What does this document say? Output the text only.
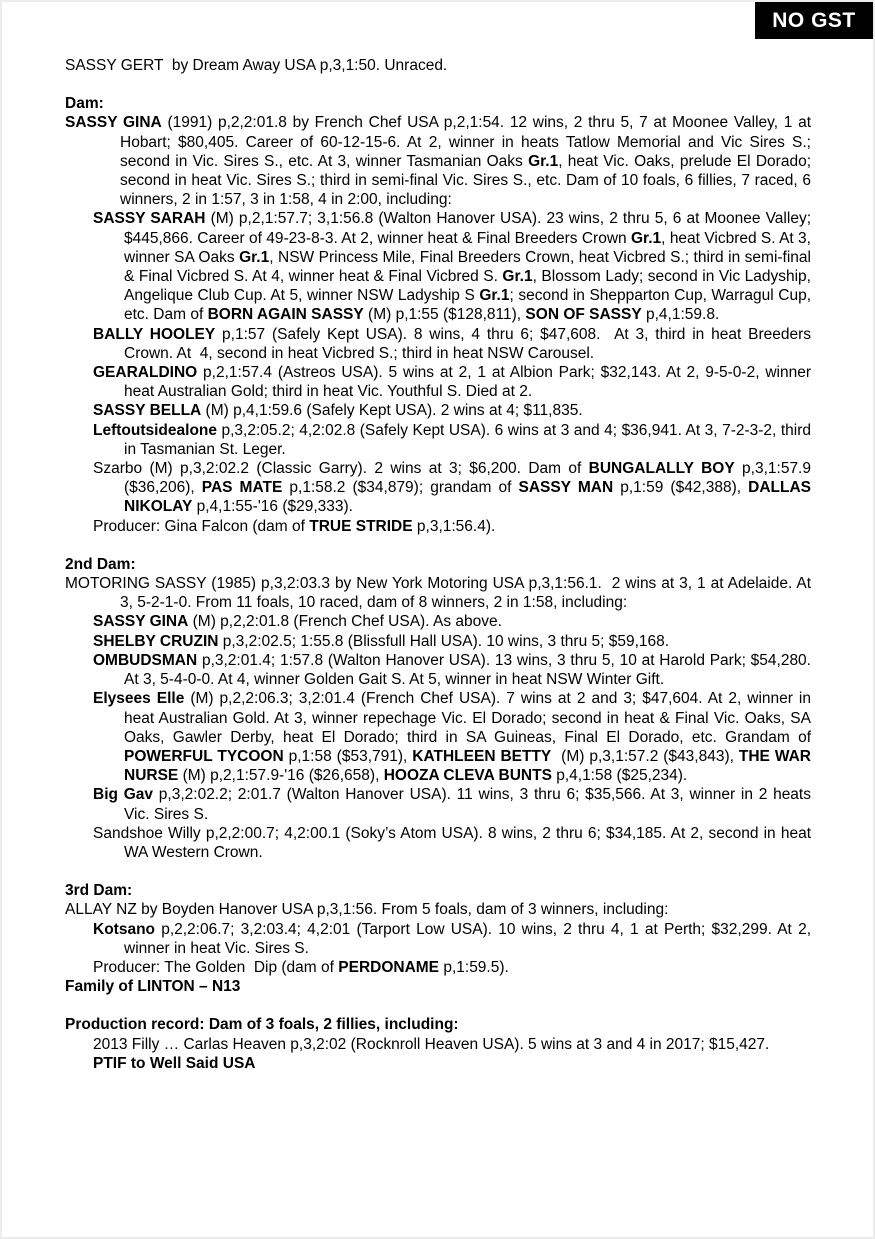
NO GST
SASSY GERT  by Dream Away USA p,3,1:50. Unraced.
Dam:
SASSY GINA (1991) p,2,2:01.8 by French Chef USA p,2,1:54. 12 wins, 2 thru 5, 7 at Moonee Valley, 1 at Hobart; $80,405. Career of 60-12-15-6. At 2, winner in heats Tatlow Memorial and Vic Sires S.; second in Vic. Sires S., etc. At 3, winner Tasmanian Oaks Gr.1, heat Vic. Oaks, prelude El Dorado; second in heat Vic. Sires S.; third in semi-final Vic. Sires S., etc. Dam of 10 foals, 6 fillies, 7 raced, 6 winners, 2 in 1:57, 3 in 1:58, 4 in 2:00, including:
SASSY SARAH (M) p,2,1:57.7; 3,1:56.8 (Walton Hanover USA). 23 wins, 2 thru 5, 6 at Moonee Valley; $445,866. Career of 49-23-8-3. At 2, winner heat & Final Breeders Crown Gr.1, heat Vicbred S. At 3, winner SA Oaks Gr.1, NSW Princess Mile, Final Breeders Crown, heat Vicbred S.; third in semi-final & Final Vicbred S. At 4, winner heat & Final Vicbred S. Gr.1, Blossom Lady; second in Vic Ladyship, Angelique Club Cup. At 5, winner NSW Ladyship S Gr.1; second in Shepparton Cup, Warragul Cup, etc. Dam of BORN AGAIN SASSY (M) p,1:55 ($128,811), SON OF SASSY p,4,1:59.8.
BALLY HOOLEY p,1:57 (Safely Kept USA). 8 wins, 4 thru 6; $47,608.  At 3, third in heat Breeders Crown. At  4, second in heat Vicbred S.; third in heat NSW Carousel.
GEARALDINO p,2,1:57.4 (Astreos USA). 5 wins at 2, 1 at Albion Park; $32,143. At 2, 9-5-0-2, winner heat Australian Gold; third in heat Vic. Youthful S. Died at 2.
SASSY BELLA (M) p,4,1:59.6 (Safely Kept USA). 2 wins at 4; $11,835.
Leftoutsidealone p,3,2:05.2; 4,2:02.8 (Safely Kept USA). 6 wins at 3 and 4; $36,941. At 3, 7-2-3-2, third in Tasmanian St. Leger.
Szarbo (M) p,3,2:02.2 (Classic Garry). 2 wins at 3; $6,200. Dam of BUNGALALLY BOY p,3,1:57.9 ($36,206), PAS MATE p,1:58.2 ($34,879); grandam of SASSY MAN p,1:59 ($42,388), DALLAS NIKOLAY p,4,1:55-'16 ($29,333).
Producer: Gina Falcon (dam of TRUE STRIDE p,3,1:56.4).
2nd Dam:
MOTORING SASSY (1985) p,3,2:03.3 by New York Motoring USA p,3,1:56.1.  2 wins at 3, 1 at Adelaide. At 3, 5-2-1-0. From 11 foals, 10 raced, dam of 8 winners, 2 in 1:58, including:
SASSY GINA (M) p,2,2:01.8 (French Chef USA). As above.
SHELBY CRUZIN p,3,2:02.5; 1:55.8 (Blissfull Hall USA). 10 wins, 3 thru 5; $59,168.
OMBUDSMAN p,3,2:01.4; 1:57.8 (Walton Hanover USA). 13 wins, 3 thru 5, 10 at Harold Park; $54,280. At 3, 5-4-0-0. At 4, winner Golden Gait S. At 5, winner in heat NSW Winter Gift.
Elysees Elle (M) p,2,2:06.3; 3,2:01.4 (French Chef USA). 7 wins at 2 and 3; $47,604. At 2, winner in heat Australian Gold. At 3, winner repechage Vic. El Dorado; second in heat & Final Vic. Oaks, SA Oaks, Gawler Derby, heat El Dorado; third in SA Guineas, Final El Dorado, etc. Grandam of POWERFUL TYCOON p,1:58 ($53,791), KATHLEEN BETTY  (M) p,3,1:57.2 ($43,843), THE WAR NURSE (M) p,2,1:57.9-'16 ($26,658), HOOZA CLEVA BUNTS p,4,1:58 ($25,234).
Big Gav p,3,2:02.2; 2:01.7 (Walton Hanover USA). 11 wins, 3 thru 6; $35,566. At 3, winner in 2 heats Vic. Sires S.
Sandshoe Willy p,2,2:00.7; 4,2:00.1 (Soky’s Atom USA). 8 wins, 2 thru 6; $34,185. At 2, second in heat WA Western Crown.
3rd Dam:
ALLAY NZ by Boyden Hanover USA p,3,1:56. From 5 foals, dam of 3 winners, including:
Kotsano p,2,2:06.7; 3,2:03.4; 4,2:01 (Tarport Low USA). 10 wins, 2 thru 4, 1 at Perth; $32,299. At 2, winner in heat Vic. Sires S.
Producer: The Golden  Dip (dam of PERDONAME p,1:59.5).
Family of LINTON – N13
Production record: Dam of 3 foals, 2 fillies, including:
2013 Filly … Carlas Heaven p,3,2:02 (Rocknroll Heaven USA). 5 wins at 3 and 4 in 2017; $15,427.
PTIF to Well Said USA
